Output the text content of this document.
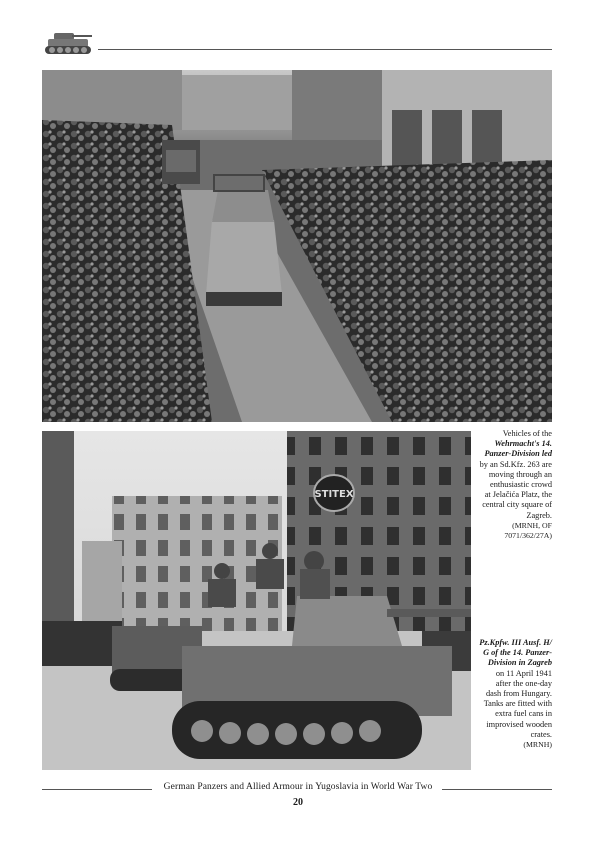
Vehicles of the
Wehrmacht's 14.
Panzer-Division led
by an Sd.Kfz. 263 are
moving through an
enthusiastic crowd
at Jelačića Platz, the
central city square of
Zagreb.
(MRNH, OF
7071/362/27A)
STITEX
Pz.Kpfw. III Ausf. H/
G of the 14. Panzer-
Division in Zagreb
on 11 April 1941
after the one-day
dash from Hungary.
Tanks are fitted with
extra fuel cans in
improvised wooden
crates.
(MRNH)
German Panzers and Allied Armour in Yugoslavia in World War Two
20
